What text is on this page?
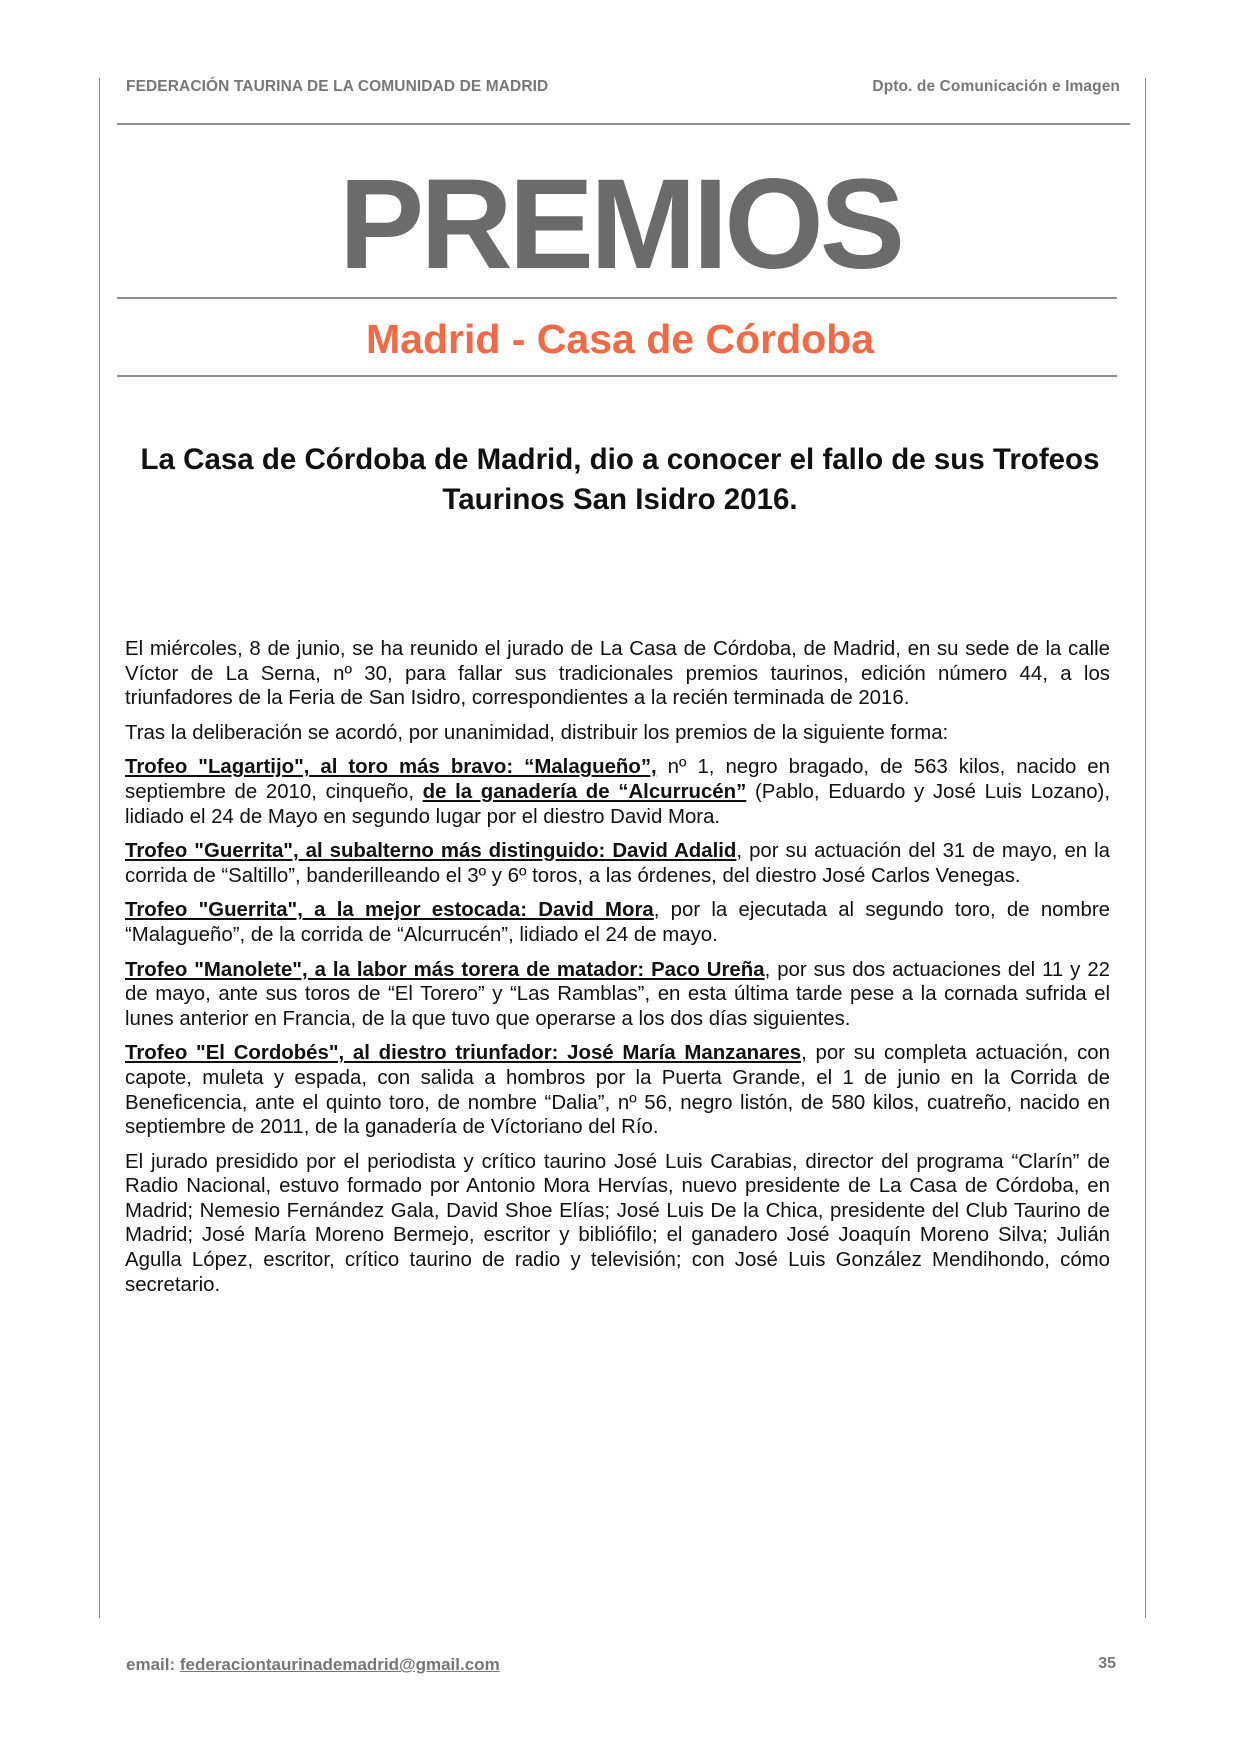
FEDERACIÓN TAURINA DE LA COMUNIDAD DE MADRID	Dpto. de Comunicación e Imagen
PREMIOS
Madrid - Casa de Córdoba
La Casa de Córdoba de Madrid, dio a conocer el fallo de sus Trofeos Taurinos San Isidro 2016.

El miércoles, 8 de junio, se ha reunido el jurado de La Casa de Córdoba, de Madrid, en su sede de la calle Víctor de La Serna, nº 30, para fallar sus tradicionales premios taurinos, edición número 44, a los triunfadores de la Feria de San Isidro, correspondientes a la recién terminada de 2016.

Tras la deliberación se acordó, por unanimidad, distribuir los premios de la siguiente forma:

Trofeo "Lagartijo", al toro más bravo: “Malagueño”, nº 1, negro bragado, de 563 kilos, nacido en septiembre de 2010, cinqueño, de la ganadería de “Alcurrucén” (Pablo, Eduardo y José Luis Lozano), lidiado el 24 de Mayo en segundo lugar por el diestro David Mora.

Trofeo "Guerrita", al subalterno más distinguido: David Adalid, por su actuación del 31 de mayo, en la corrida de “Saltillo”, banderilleando el 3º y 6º toros, a las órdenes, del diestro José Carlos Venegas.

Trofeo "Guerrita", a la mejor estocada: David Mora, por la ejecutada al segundo toro, de nombre “Malagueño”, de la corrida de “Alcurrucén”, lidiado el 24 de mayo.

Trofeo "Manolete", a la labor más torera de matador: Paco Ureña, por sus dos actuaciones del 11 y 22 de mayo, ante sus toros de “El Torero” y “Las Ramblas”, en esta última tarde pese a la cornada sufrida el lunes anterior en Francia, de la que tuvo que operarse a los dos días siguientes.

Trofeo "El Cordobés", al diestro triunfador: José María Manzanares, por su completa actuación, con capote, muleta y espada, con salida a hombros por la Puerta Grande, el 1 de junio en la Corrida de Beneficencia, ante el quinto toro, de nombre “Dalia”, nº 56, negro listón, de 580 kilos, cuatreño, nacido en septiembre de 2011, de la ganadería de Víctoriano del Río.

El jurado presidido por el periodista y crítico taurino José Luis Carabias, director del programa “Clarín” de Radio Nacional, estuvo formado por Antonio Mora Hervías, nuevo presidente de La Casa de Córdoba, en Madrid; Nemesio Fernández Gala, David Shoe Elías; José Luis De la Chica, presidente del Club Taurino de Madrid; José María Moreno Bermejo, escritor y bibliófilo; el ganadero José Joaquín Moreno Silva; Julián Agulla López, escritor, crítico taurino de radio y televisión; con José Luis González Mendihondo, cómo secretario.

email: federaciontaurinademadrid@gmail.com	35
